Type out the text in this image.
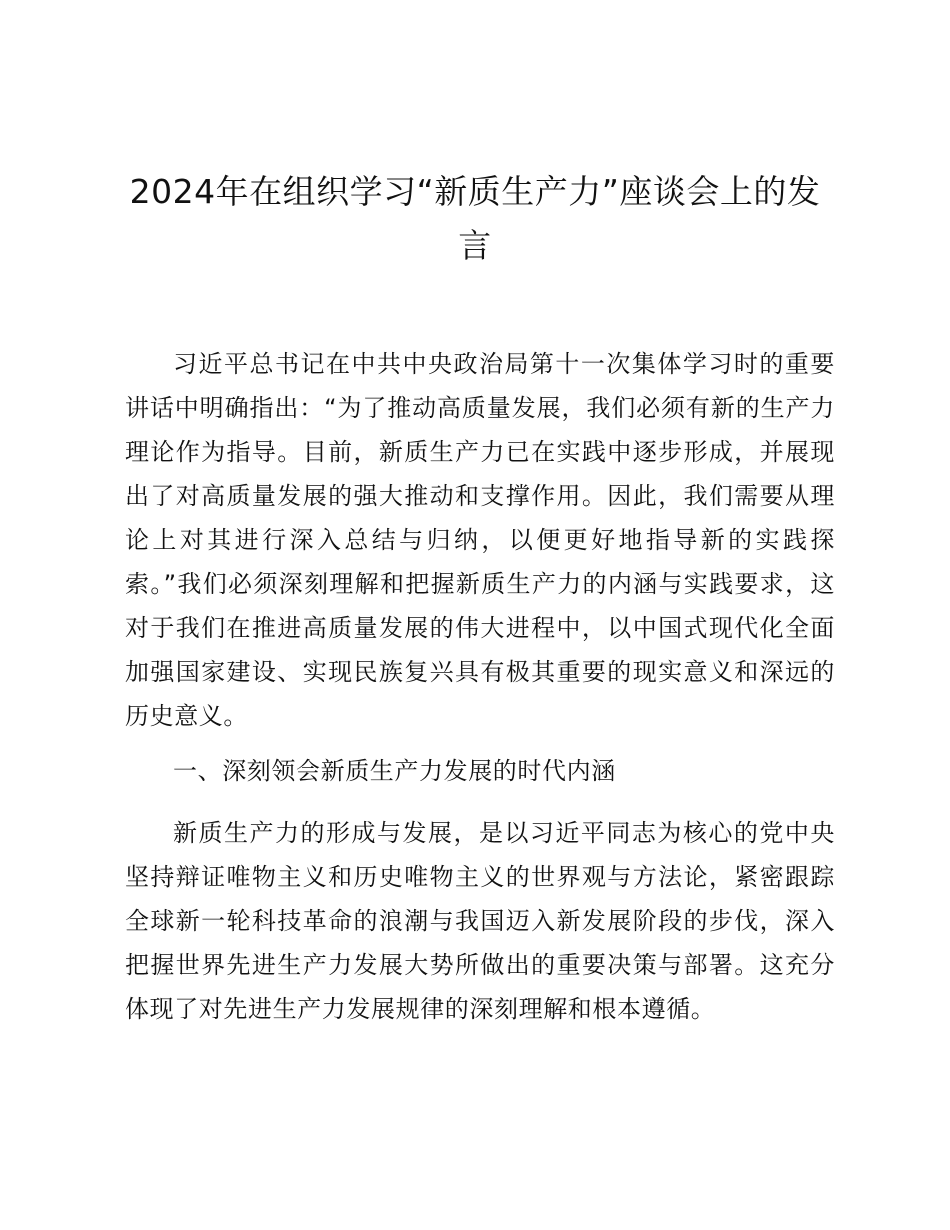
2024年在组织学习“新质生产力”座谈会上的发言

习近平总书记在中共中央政治局第十一次集体学习时的重要讲话中明确指出：“为了推动高质量发展，我们必须有新的生产力理论作为指导。目前，新质生产力已在实践中逐步形成，并展现出了对高质量发展的强大推动和支撑作用。因此，我们需要从理论上对其进行深入总结与归纳，以便更好地指导新的实践探索。”我们必须深刻理解和把握新质生产力的内涵与实践要求，这对于我们在推进高质量发展的伟大进程中，以中国式现代化全面加强国家建设、实现民族复兴具有极其重要的现实意义和深远的历史意义。

一、深刻领会新质生产力发展的时代内涵

新质生产力的形成与发展，是以习近平同志为核心的党中央坚持辩证唯物主义和历史唯物主义的世界观与方法论，紧密跟踪全球新一轮科技革命的浪潮与我国迈入新发展阶段的步伐，深入把握世界先进生产力发展大势所做出的重要决策与部署。这充分体现了对先进生产力发展规律的深刻理解和根本遵循。
